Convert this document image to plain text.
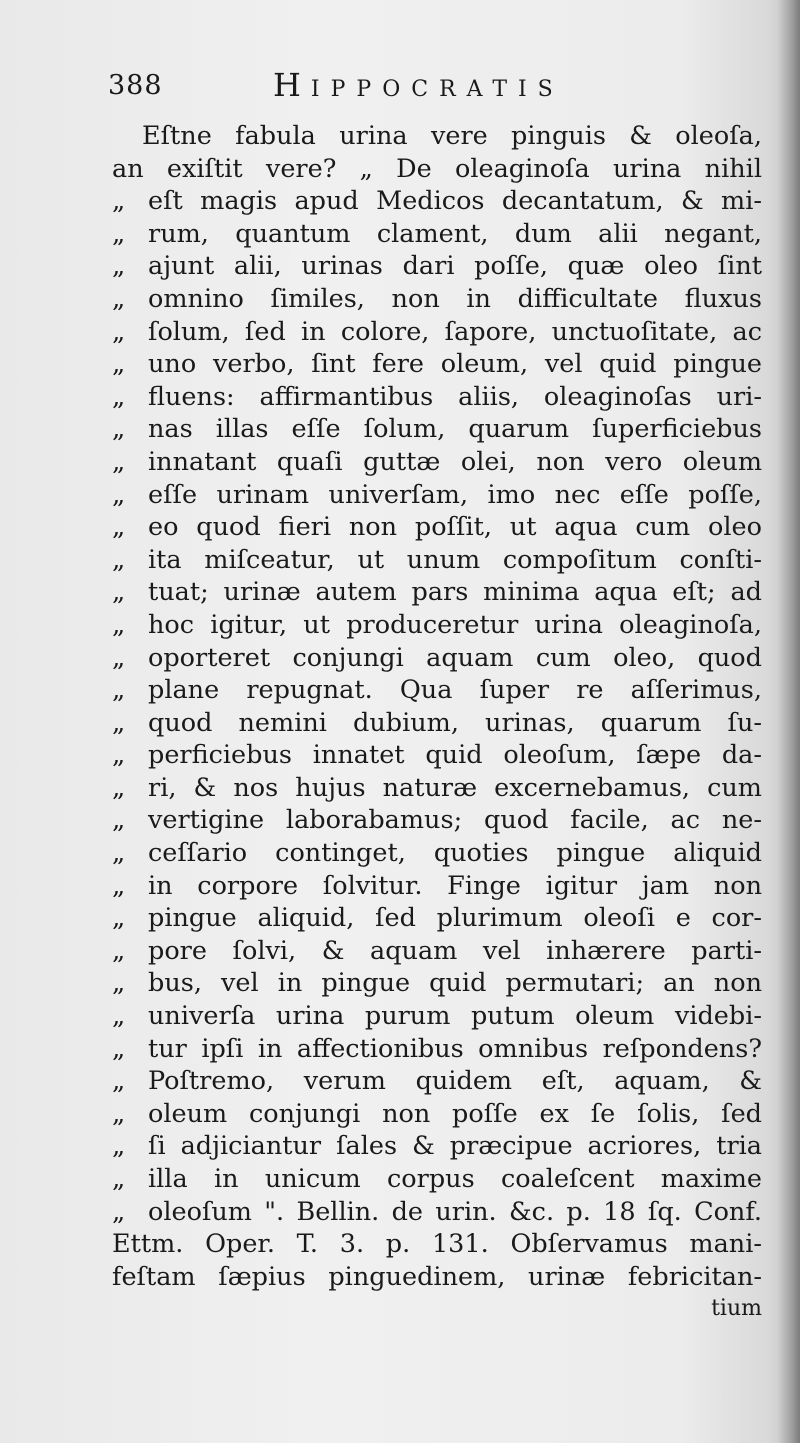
388	HIPPOCRATIS
Eſtne fabula urina vere pinguis & oleoſa,
an exiſtit vere? „ De oleaginoſa urina nihil
„ eſt magis apud Medicos decantatum, & mi-
„ rum, quantum clament, dum alii negant,
„ ajunt alii, urinas dari poſſe, quæ oleo ſint
„ omnino ſimiles, non in difficultate fluxus
„ ſolum, ſed in colore, ſapore, unctuoſitate, ac
„ uno verbo, ſint fere oleum, vel quid pingue
„ fluens: affirmantibus aliis, oleaginoſas uri-
„ nas illas eſſe ſolum, quarum ſuperficiebus
„ innatant quaſi guttæ olei, non vero oleum
„ eſſe urinam univerſam, imo nec eſſe poſſe,
„ eo quod fieri non poſſit, ut aqua cum oleo
„ ita miſceatur, ut unum compoſitum conſti-
„ tuat; urinæ autem pars minima aqua eſt; ad
„ hoc igitur, ut produceretur urina oleaginoſa,
„ oporteret conjungi aquam cum oleo, quod
„ plane repugnat. Qua ſuper re aſſerimus,
„ quod nemini dubium, urinas, quarum ſu-
„ perficiebus innatet quid oleoſum, ſæpe da-
„ ri, & nos hujus naturæ excernebamus, cum
„ vertigine laborabamus; quod facile, ac ne-
„ ceſſario continget, quoties pingue aliquid
„ in corpore ſolvitur. Finge igitur jam non
„ pingue aliquid, ſed plurimum oleoſi e cor-
„ pore ſolvi, & aquam vel inhærere parti-
„ bus, vel in pingue quid permutari; an non
„ univerſa urina purum putum oleum videbi-
„ tur ipſi in affectionibus omnibus reſpondens?
„ Poſtremo, verum quidem eſt, aquam, &
„ oleum conjungi non poſſe ex ſe ſolis, ſed
„ ſi adjiciantur ſales & præcipue acriores, tria
„ illa in unicum corpus coaleſcent maxime
„ oleoſum ". Bellin. de urin. &c. p. 18 ſq. Conf.
Ettm. Oper. T. 3. p. 131. Obſervamus mani-
feſtam ſæpius pinguedinem, urinæ febricitan-
tium
